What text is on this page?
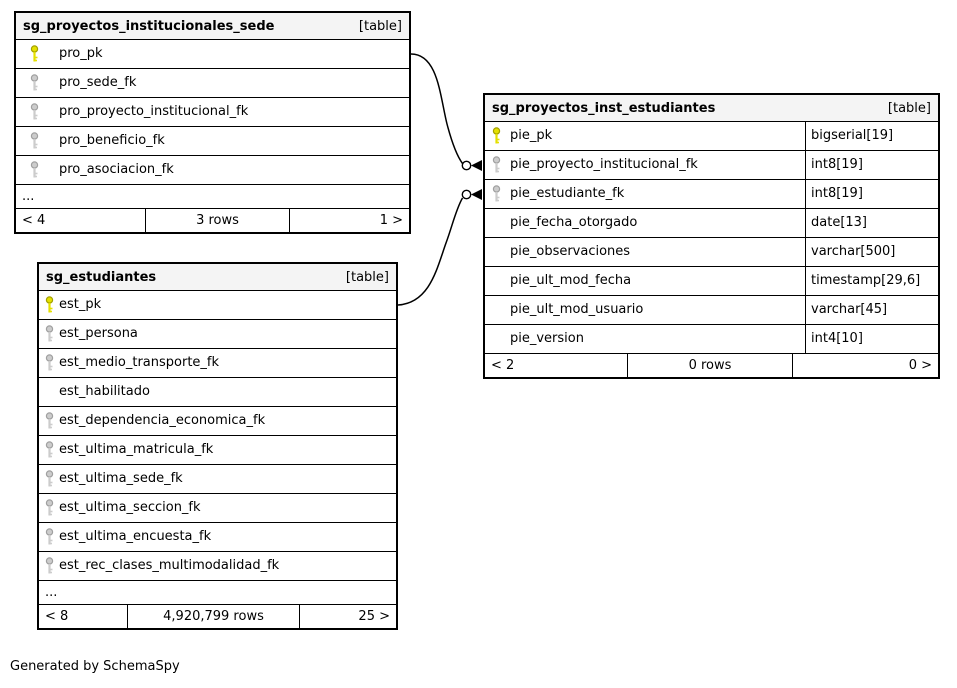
sg_proyectos_institucionales_sede	[table]
pro_pk
pro_sede_fk
pro_proyecto_institucional_fk
pro_beneficio_fk
pro_asociacion_fk
...
< 4	3 rows	1 >
sg_proyectos_inst_estudiantes	[table]
pie_pk	bigserial[19]
pie_proyecto_institucional_fk	int8[19]
pie_estudiante_fk	int8[19]
pie_fecha_otorgado	date[13]
pie_observaciones	varchar[500]
pie_ult_mod_fecha	timestamp[29,6]
pie_ult_mod_usuario	varchar[45]
pie_version	int4[10]
< 2	0 rows	0 >
sg_estudiantes	[table]
est_pk
est_persona
est_medio_transporte_fk
est_habilitado
est_dependencia_economica_fk
est_ultima_matricula_fk
est_ultima_sede_fk
est_ultima_seccion_fk
est_ultima_encuesta_fk
est_rec_clases_multimodalidad_fk
...
< 8	4,920,799 rows	25 >
Generated by SchemaSpy
